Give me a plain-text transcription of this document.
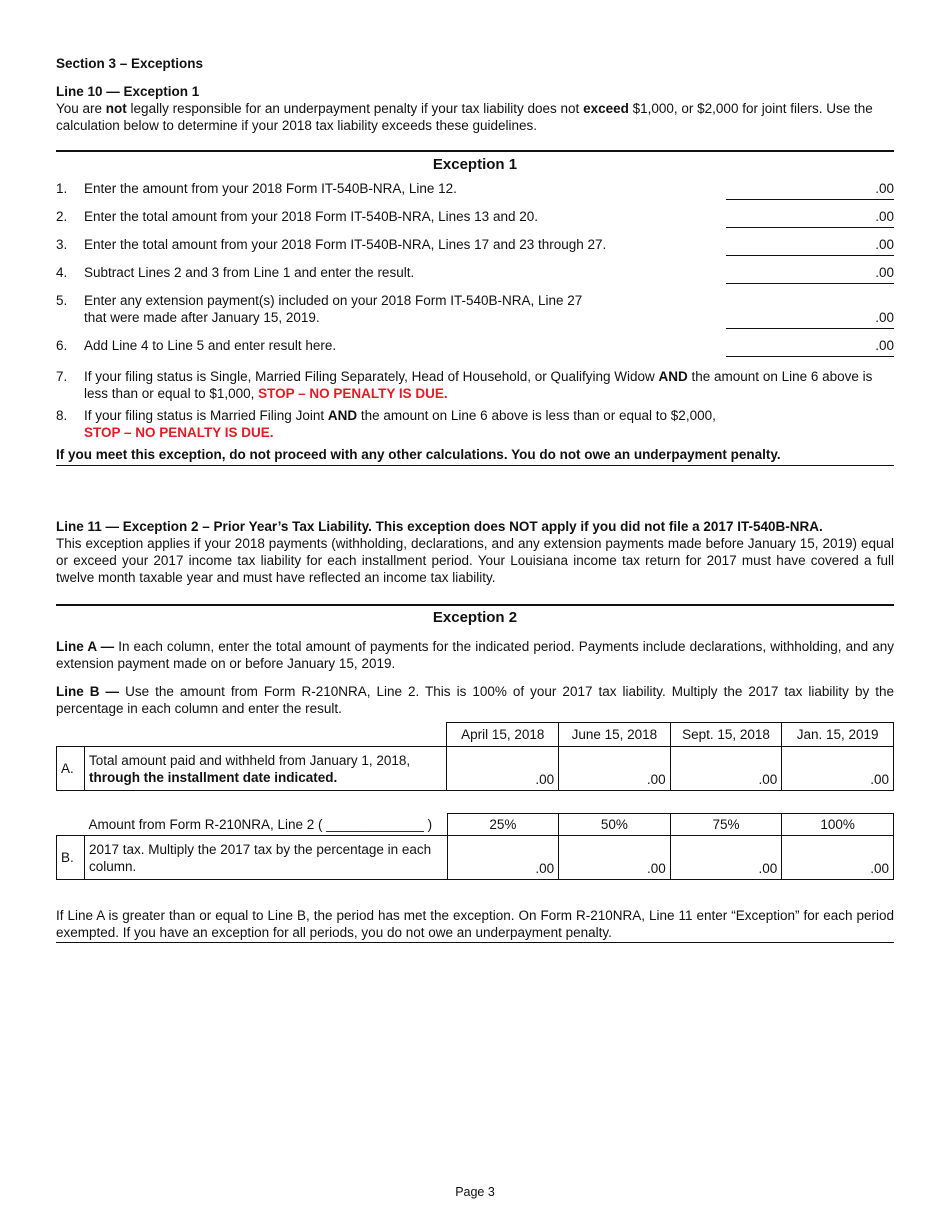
Section 3 – Exceptions
Line 10 — Exception 1
You are not legally responsible for an underpayment penalty if your tax liability does not exceed $1,000, or $2,000 for joint filers. Use the calculation below to determine if your 2018 tax liability exceeds these guidelines.
Exception 1
1. Enter the amount from your 2018 Form IT-540B-NRA, Line 12.	.00
2. Enter the total amount from your 2018 Form IT-540B-NRA, Lines 13 and 20.	.00
3. Enter the total amount from your 2018 Form IT-540B-NRA, Lines 17 and 23 through 27.	.00
4. Subtract Lines 2 and 3 from Line 1 and enter the result.	.00
5. Enter any extension payment(s) included on your 2018 Form IT-540B-NRA, Line 27
that were made after January 15, 2019.	.00
6. Add Line 4 to Line 5 and enter result here.	.00
7. If your filing status is Single, Married Filing Separately, Head of Household, or Qualifying Widow AND the amount on Line 6 above is less than or equal to $1,000, STOP – NO PENALTY IS DUE.
8. If your filing status is Married Filing Joint AND the amount on Line 6 above is less than or equal to $2,000,
STOP – NO PENALTY IS DUE.
If you meet this exception, do not proceed with any other calculations. You do not owe an underpayment penalty.
Line 11 — Exception 2 – Prior Year’s Tax Liability. This exception does NOT apply if you did not file a 2017 IT-540B-NRA.
This exception applies if your 2018 payments (withholding, declarations, and any extension payments made before January 15, 2019) equal or exceed your 2017 income tax liability for each installment period. Your Louisiana income tax return for 2017 must have covered a full twelve month taxable year and must have reflected an income tax liability.
Exception 2
Line A — In each column, enter the total amount of payments for the indicated period. Payments include declarations, withholding, and any extension payment made on or before January 15, 2019.
Line B — Use the amount from Form R-210NRA, Line 2. This is 100% of your 2017 tax liability. Multiply the 2017 tax liability by the percentage in each column and enter the result.
		April 15, 2018	June 15, 2018	Sept. 15, 2018	Jan. 15, 2019
A.	Total amount paid and withheld from January 1, 2018,
through the installment date indicated.	.00	.00	.00	.00
	Amount from Form R-210NRA, Line 2 ( _____________ )	25%	50%	75%	100%
B.	2017 tax. Multiply the 2017 tax by the percentage in each column.	.00	.00	.00	.00
If Line A is greater than or equal to Line B, the period has met the exception. On Form R-210NRA, Line 11 enter “Exception” for each period exempted. If you have an exception for all periods, you do not owe an underpayment penalty.
Page 3
